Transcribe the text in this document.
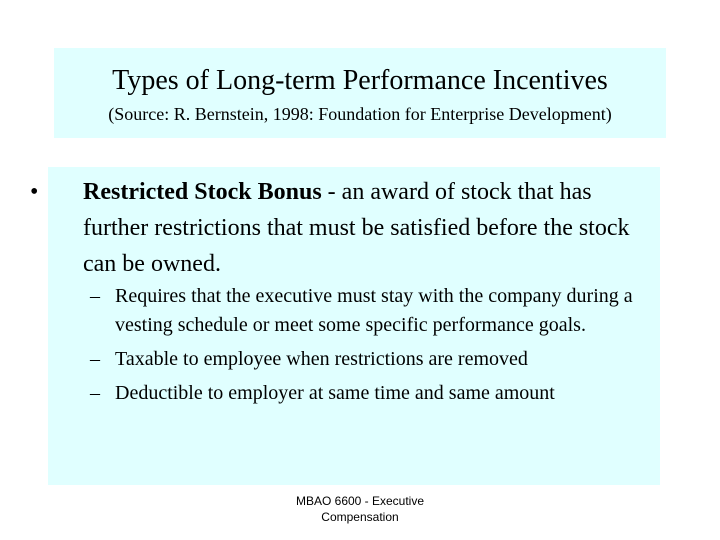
Types of Long-term Performance Incentives
(Source: R. Bernstein, 1998: Foundation for Enterprise Development)
• Restricted Stock Bonus - an award of stock that has further restrictions that must be satisfied before the stock can be owned.
– Requires that the executive must stay with the company during a vesting schedule or meet some specific performance goals.
– Taxable to employee when restrictions are removed
– Deductible to employer at same time and same amount
MBAO 6600 - Executive
Compensation
